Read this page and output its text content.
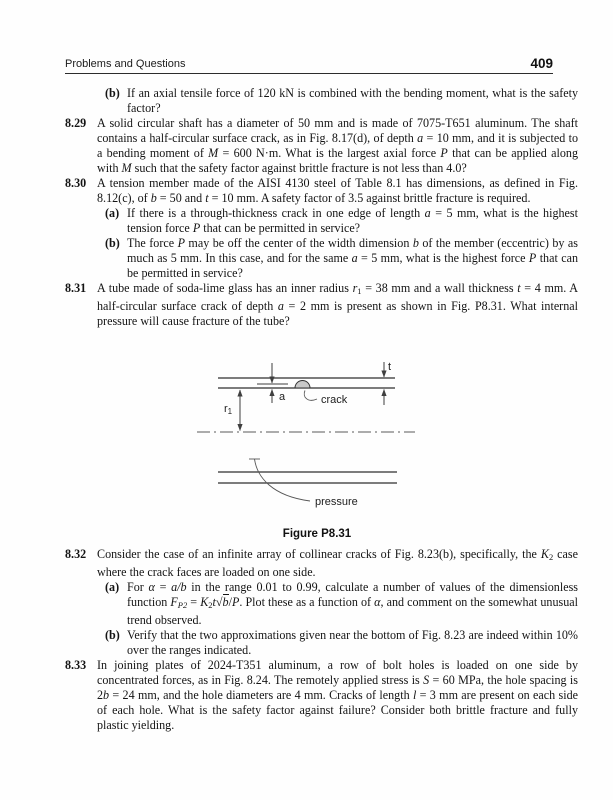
Problems and Questions	409
(b) If an axial tensile force of 120 kN is combined with the bending moment, what is the safety factor?
8.29 A solid circular shaft has a diameter of 50 mm and is made of 7075-T651 aluminum. The shaft contains a half-circular surface crack, as in Fig. 8.17(d), of depth a = 10 mm, and it is subjected to a bending moment of M = 600 N·m. What is the largest axial force P that can be applied along with M such that the safety factor against brittle fracture is not less than 4.0?
8.30 A tension member made of the AISI 4130 steel of Table 8.1 has dimensions, as defined in Fig. 8.12(c), of b = 50 and t = 10 mm. A safety factor of 3.5 against brittle fracture is required.
(a) If there is a through-thickness crack in one edge of length a = 5 mm, what is the highest tension force P that can be permitted in service?
(b) The force P may be off the center of the width dimension b of the member (eccentric) by as much as 5 mm. In this case, and for the same a = 5 mm, what is the highest force P that can be permitted in service?
8.31 A tube made of soda-lime glass has an inner radius r1 = 38 mm and a wall thickness t = 4 mm. A half-circular surface crack of depth a = 2 mm is present as shown in Fig. P8.31. What internal pressure will cause fracture of the tube?
8.32 Consider the case of an infinite array of collinear cracks of Fig. 8.23(b), specifically, the K2 case where the crack faces are loaded on one side.
(a) For α = a/b in the range 0.01 to 0.99, calculate a number of values of the dimensionless function FP2 = K2t√b/P. Plot these as a function of α, and comment on the somewhat unusual trend observed.
(b) Verify that the two approximations given near the bottom of Fig. 8.23 are indeed within 10% over the ranges indicated.
8.33 In joining plates of 2024-T351 aluminum, a row of bolt holes is loaded on one side by concentrated forces, as in Fig. 8.24. The remotely applied stress is S = 60 MPa, the hole spacing is 2b = 24 mm, and the hole diameters are 4 mm. Cracks of length l = 3 mm are present on each side of each hole. What is the safety factor against failure? Consider both brittle fracture and fully plastic yielding.
t
a	crack
r1
pressure
Figure P8.31
